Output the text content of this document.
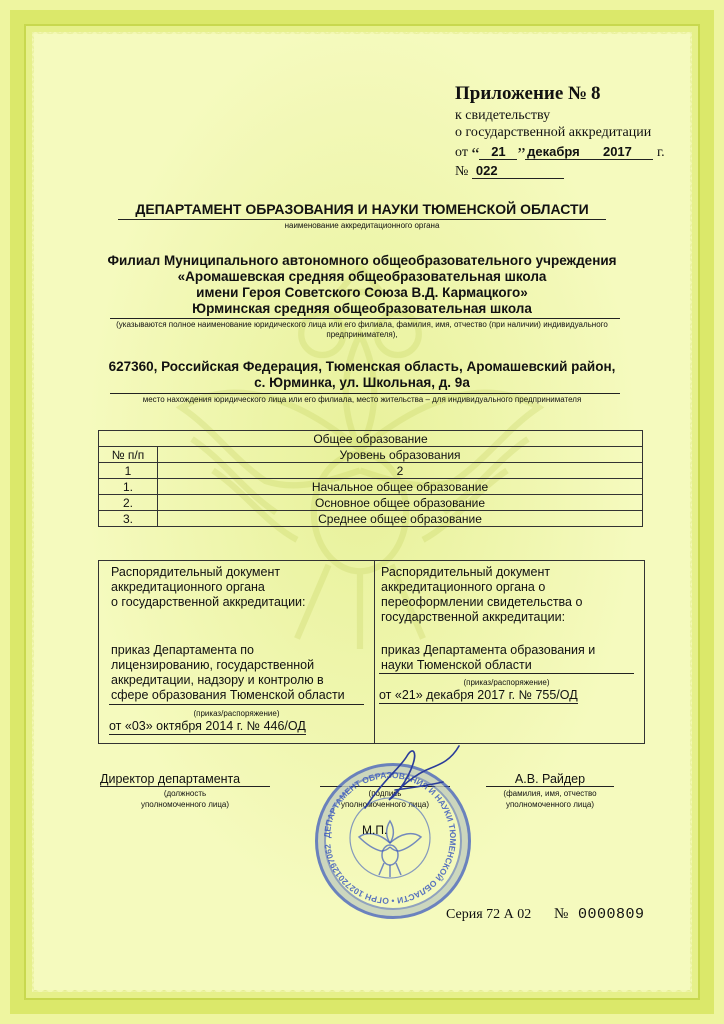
Приложение № 8
к свидетельству
о государственной аккредитации
от “ 21 ” декабря 2017 г.
№ 022
ДЕПАРТАМЕНТ ОБРАЗОВАНИЯ И НАУКИ ТЮМЕНСКОЙ ОБЛАСТИ
наименование аккредитационного органа
Филиал Муниципального автономного общеобразовательного учреждения
«Аромашевская средняя общеобразовательная школа
имени Героя Советского Союза В.Д. Кармацкого»
Юрминская средняя общеобразовательная школа
(указываются полное наименование юридического лица или его филиала, фамилия, имя, отчество (при наличии) индивидуального
предпринимателя),
627360, Российская Федерация, Тюменская область, Аромашевский район,
с. Юрминка, ул. Школьная, д. 9а
место нахождения юридического лица или его филиала, место жительства – для индивидуального предпринимателя
Общее образование	
№ п/п	Уровень образования
1	2
1.	Начальное общее образование
2.	Основное общее образование
3.	Среднее общее образование
Распорядительный документ
аккредитационного органа
о государственной аккредитации:
приказ Департамента по
лицензированию, государственной
аккредитации, надзору и контролю в
сфере образования Тюменской области
(приказ/распоряжение)
от «03» октября 2014 г. № 446/ОД
Распорядительный документ
аккредитационного органа о
переоформлении свидетельства о
государственной аккредитации:
приказ Департамента образования и
науки Тюменской области
(приказ/распоряжение)
от «21» декабря 2017 г. № 755/ОД
Директор департамента
(должность
уполномоченного лица)
(подпись
уполномоченного лица)
А.В. Райдер
(фамилия, имя, отчество
уполномоченного лица)
ДЕПАРТАМЕНТ ОБРАЗОВАНИЯ И НАУКИ ТЮМЕНСКОЙ ОБЛАСТИ • ОГРН 1027201297062
М.П.
Серия 72 А 02 № 0000809
